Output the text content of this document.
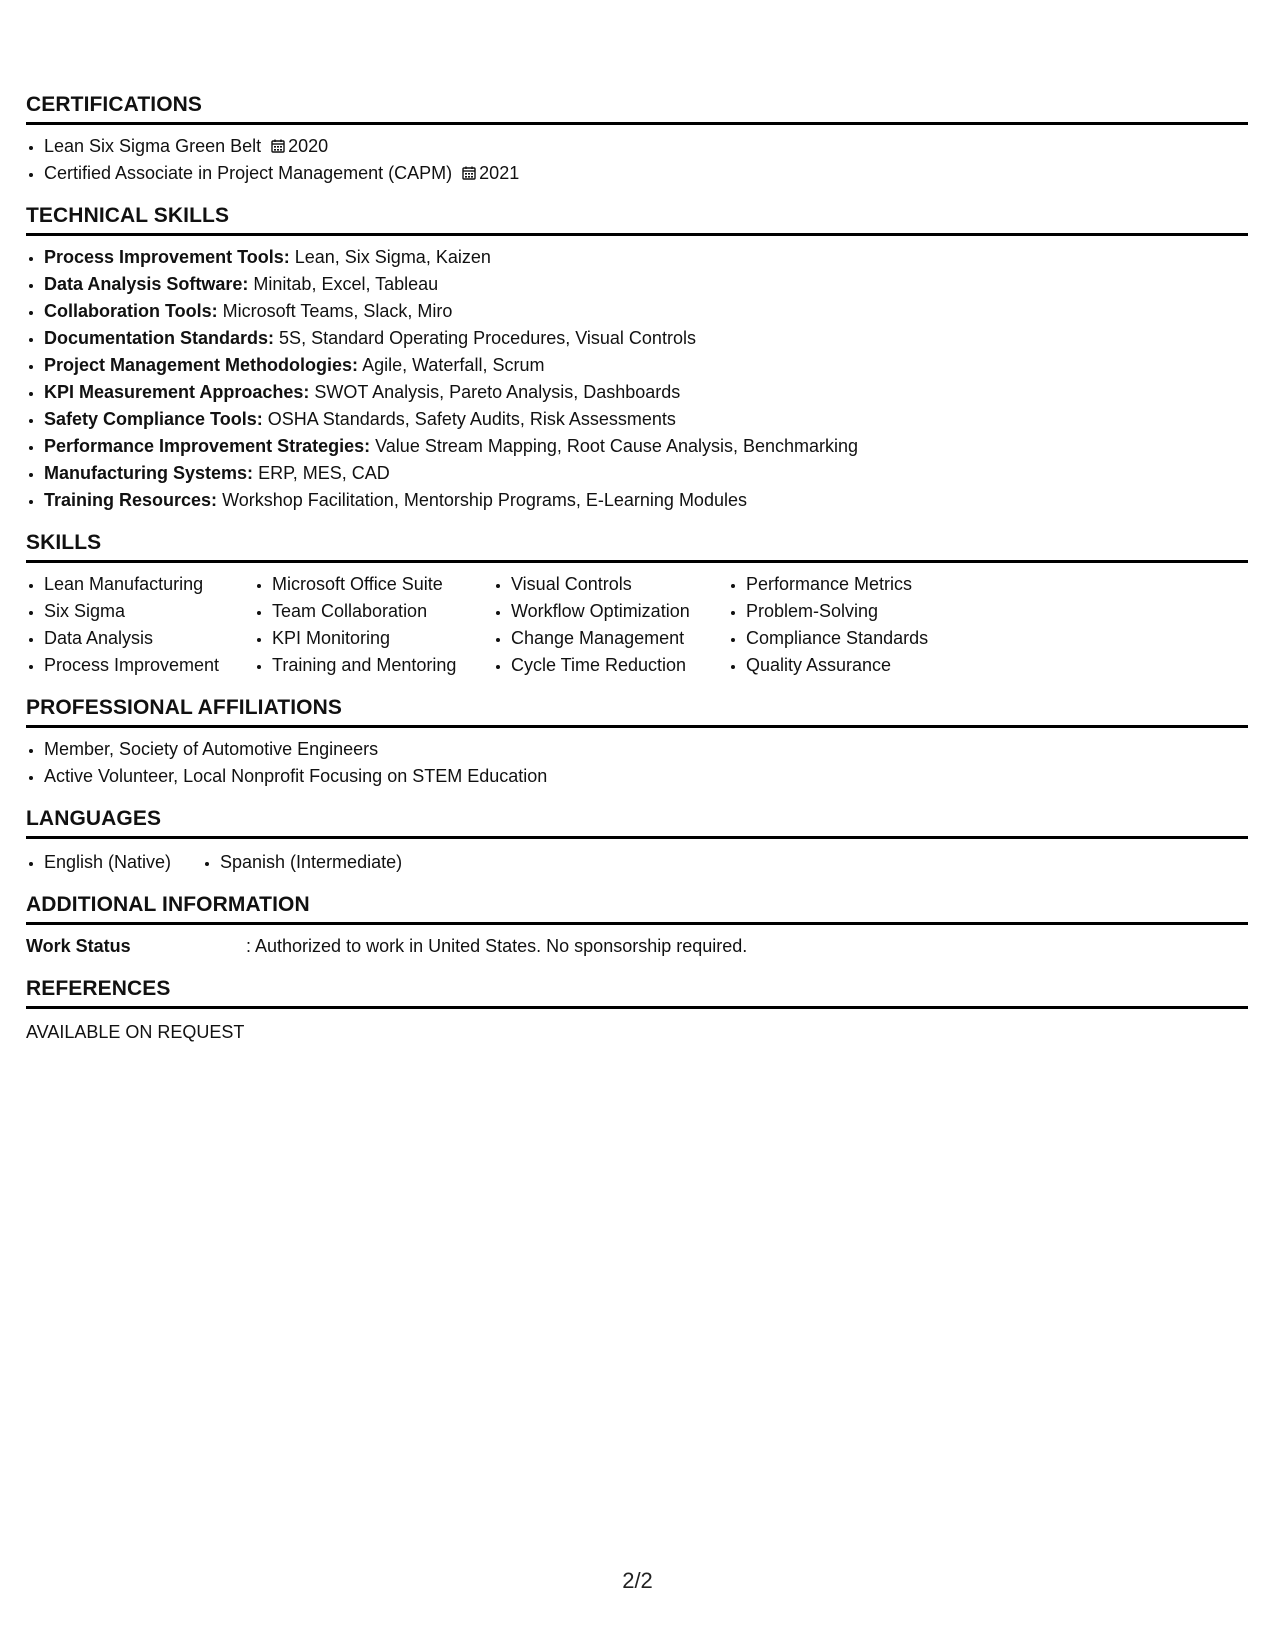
CERTIFICATIONS
• Lean Six Sigma Green Belt 2020
• Certified Associate in Project Management (CAPM) 2021
TECHNICAL SKILLS
• Process Improvement Tools: Lean, Six Sigma, Kaizen
• Data Analysis Software: Minitab, Excel, Tableau
• Collaboration Tools: Microsoft Teams, Slack, Miro
• Documentation Standards: 5S, Standard Operating Procedures, Visual Controls
• Project Management Methodologies: Agile, Waterfall, Scrum
• KPI Measurement Approaches: SWOT Analysis, Pareto Analysis, Dashboards
• Safety Compliance Tools: OSHA Standards, Safety Audits, Risk Assessments
• Performance Improvement Strategies: Value Stream Mapping, Root Cause Analysis, Benchmarking
• Manufacturing Systems: ERP, MES, CAD
• Training Resources: Workshop Facilitation, Mentorship Programs, E-Learning Modules
SKILLS
• Lean Manufacturing
• Six Sigma
• Data Analysis
• Process Improvement
• Microsoft Office Suite
• Team Collaboration
• KPI Monitoring
• Training and Mentoring
• Visual Controls
• Workflow Optimization
• Change Management
• Cycle Time Reduction
• Performance Metrics
• Problem-Solving
• Compliance Standards
• Quality Assurance
PROFESSIONAL AFFILIATIONS
• Member, Society of Automotive Engineers
• Active Volunteer, Local Nonprofit Focusing on STEM Education
LANGUAGES
• English (Native)
•	Spanish (Intermediate)
ADDITIONAL INFORMATION
Work Status	: Authorized to work in United States. No sponsorship required.
REFERENCES
AVAILABLE ON REQUEST
2/2
